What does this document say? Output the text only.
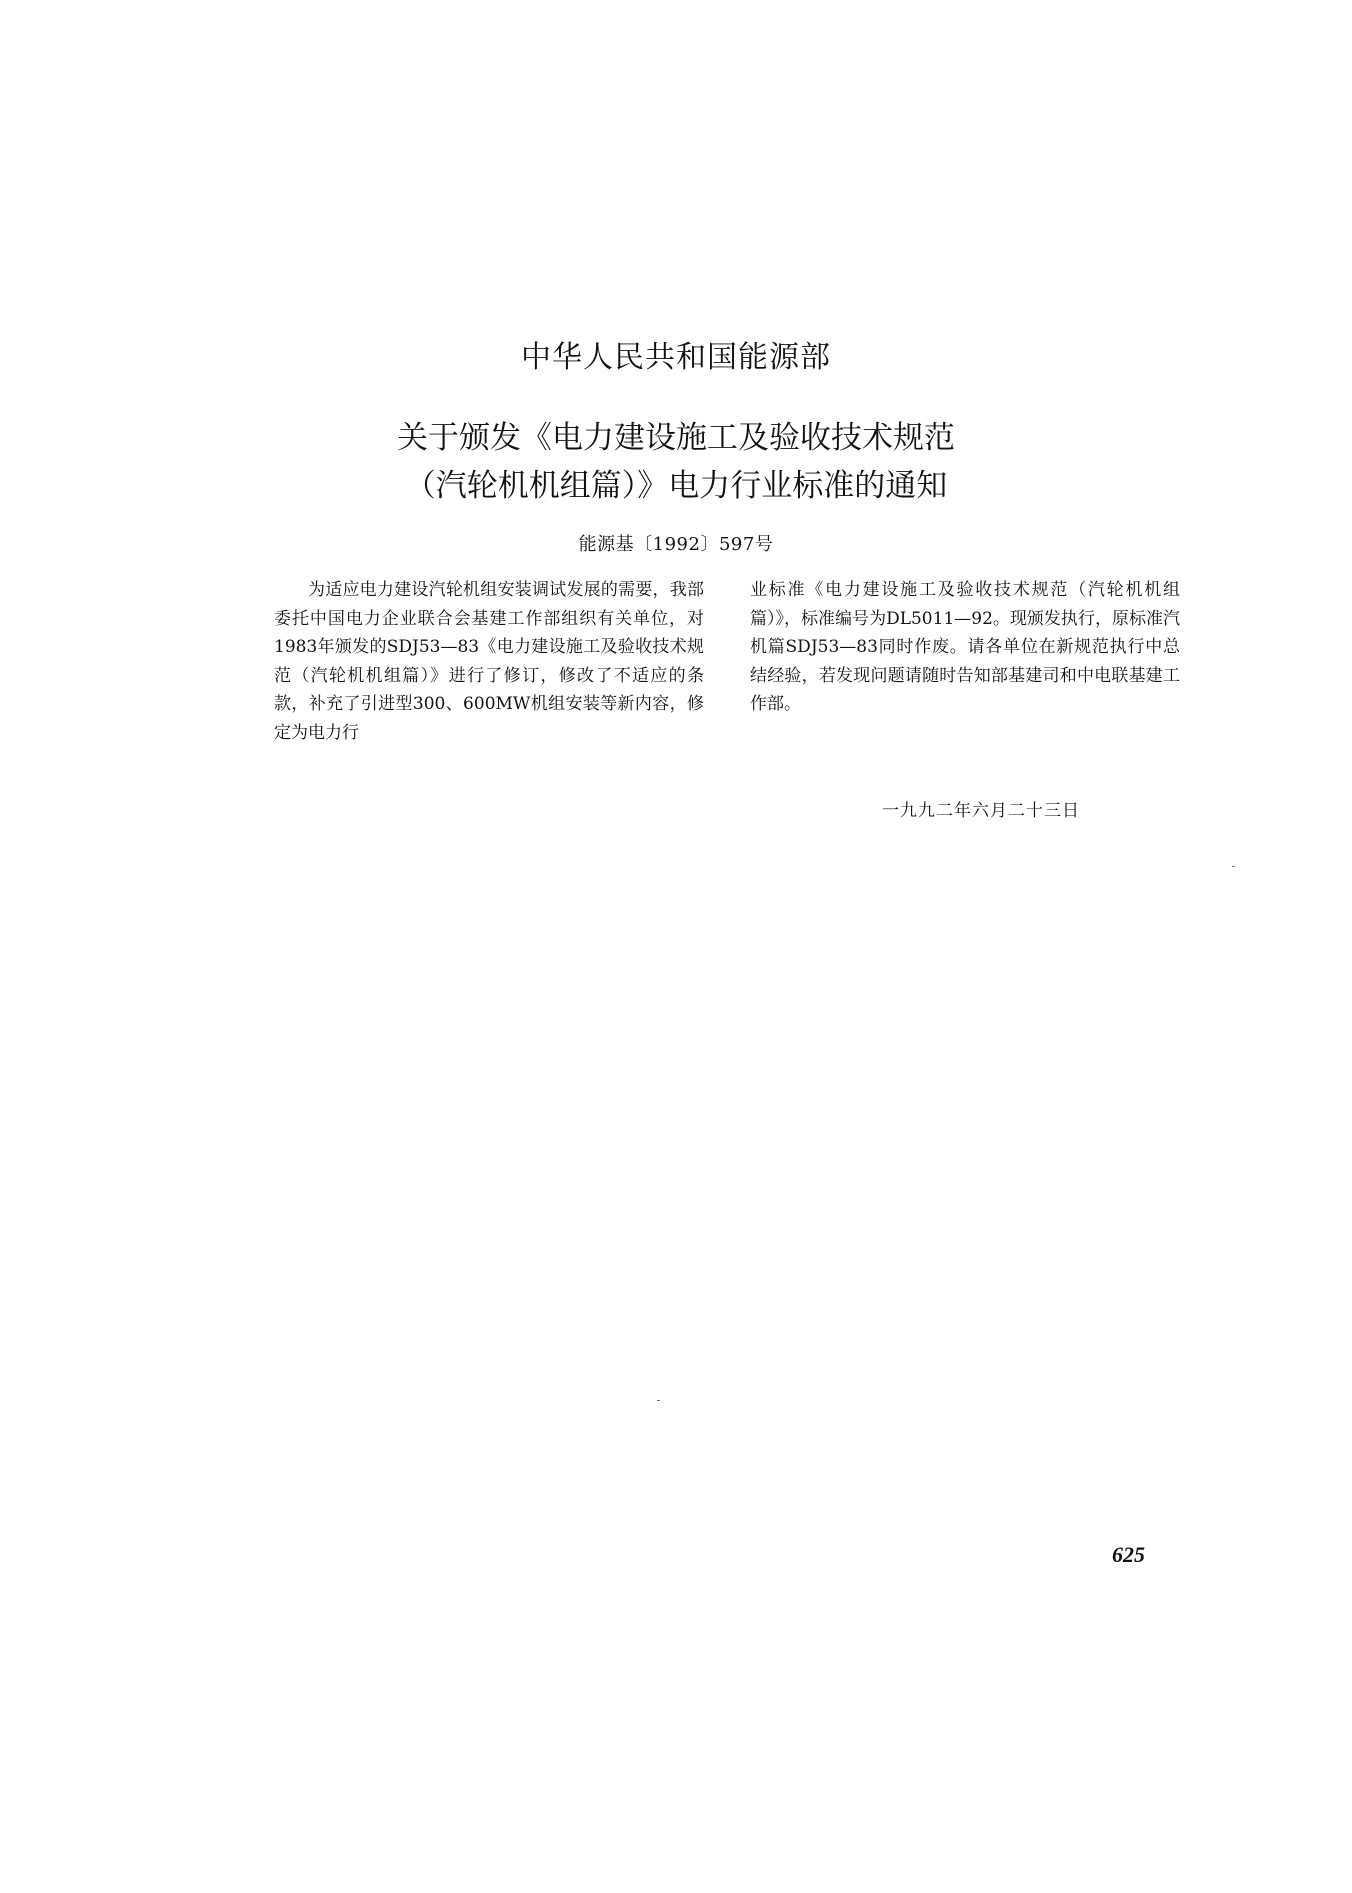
中华人民共和国能源部
关于颁发《电力建设施工及验收技术规范
（汽轮机机组篇）》电力行业标准的通知
能源基〔1992〕597号

为适应电力建设汽轮机组安装调试发展的需要，我部委托中国电力企业联合会基建工作部组织有关单位，对1983年颁发的SDJ53—83《电力建设施工及验收技术规范（汽轮机机组篇）》进行了修订，修改了不适应的条款，补充了引进型300、600MW机组安装等新内容，修定为电力行

业标准《电力建设施工及验收技术规范（汽轮机机组篇）》，标准编号为DL5011—92。现颁发执行，原标准汽机篇SDJ53—83同时作废。请各单位在新规范执行中总结经验，若发现问题请随时告知部基建司和中电联基建工作部。

一九九二年六月二十三日
625
